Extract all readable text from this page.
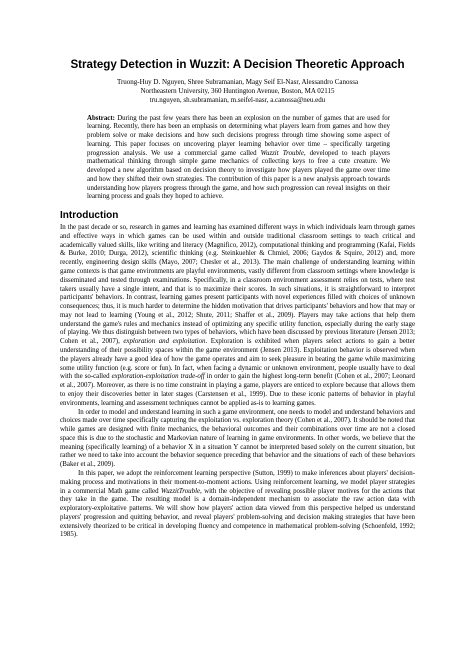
Strategy Detection in Wuzzit: A Decision Theoretic Approach
Truong-Huy D. Nguyen, Shree Subramanian, Magy Seif El-Nasr, Alessandro Canossa
Northeastern University, 360 Huntington Avenue, Boston, MA 02115
tru.nguyen, sh.subramanian, m.seifel-nasr, a.canossa@neu.edu
Abstract: During the past few years there has been an explosion on the number of games that are used for learning. Recently, there has been an emphasis on determining what players learn from games and how they problem solve or make decisions and how such decisions progress through time showing some aspect of learning. This paper focuses on uncovering player learning behavior over time – specifically targeting progression analysis. We use a commercial game called Wuzzit Trouble, developed to teach players mathematical thinking through simple game mechanics of collecting keys to free a cute creature. We developed a new algorithm based on decision theory to investigate how players played the game over time and how they shifted their own strategies. The contribution of this paper is a new analysis approach towards understanding how players progress through the game, and how such progression can reveal insights on their learning process and goals they hoped to achieve.
Introduction

In the past decade or so, research in games and learning has examined different ways in which individuals learn through games and effective ways in which games can be used within and outside traditional classroom settings to teach critical and academically valued skills, like writing and literacy (Magnifico, 2012), computational thinking and programming (Kafai, Fields & Burke, 2010; Durga, 2012), scientific thinking (e.g. Steinkuehler & Chmiel, 2006; Gaydos & Squire, 2012) and, more recently, engineering design skills (Mayo, 2007; Chesler et al., 2013). The main challenge of understanding learning within game contexts is that game environments are playful environments, vastly different from classroom settings where knowledge is disseminated and tested through examinations. Specifically, in a classroom environment assessment relies on tests, where test takers usually have a single intent, and that is to maximize their scores. In such situations, it is straightforward to interpret participants' behaviors. In contrast, learning games present participants with novel experiences filled with choices of unknown consequences; thus, it is much harder to determine the hidden motivation that drives participants' behaviors and how that may or may not lead to learning (Young et al., 2012; Shute, 2011; Shaffer et al., 2009). Players may take actions that help them understand the game's rules and mechanics instead of optimizing any specific utility function, especially during the early stage of playing. We thus distinguish between two types of behaviors, which have been discussed by previous literature (Jensen 2013; Cohen et al., 2007), exploration and exploitation. Exploration is exhibited when players select actions to gain a better understanding of their possibility spaces within the game environment (Jensen 2013). Exploitation behavior is observed when the players already have a good idea of how the game operates and aim to seek pleasure in beating the game while maximizing some utility function (e.g. score or fun). In fact, when facing a dynamic or unknown environment, people usually have to deal with the so-called exploration-exploitation trade-off in order to gain the highest long-term benefit (Cohen et al., 2007; Leonard et al., 2007). Moreover, as there is no time constraint in playing a game, players are enticed to explore because that allows them to enjoy their discoveries better in later stages (Carstensen et al., 1999). Due to these iconic patterns of behavior in playful environments, learning and assessment techniques cannot be applied as-is to learning games.

In order to model and understand learning in such a game environment, one needs to model and understand behaviors and choices made over time specifically capturing the exploitation vs. exploration theory (Cohen et al., 2007). It should be noted that while games are designed with finite mechanics, the behavioral outcomes and their combinations over time are not a closed space this is due to the stochastic and Markovian nature of learning in game environments. In other words, we believe that the meaning (specifically learning) of a behavior X in a situation Y cannot be interpreted based solely on the current situation, but rather we need to take into account the behavior sequence preceding that behavior and the situations of each of these behaviors (Baker et al., 2009).

In this paper, we adopt the reinforcement learning perspective (Sutton, 1999) to make inferences about players' decision-making process and motivations in their moment-to-moment actions. Using reinforcement learning, we model player strategies in a commercial Math game called WuzzitTrouble, with the objective of revealing possible player motives for the actions that they take in the game. The resulting model is a domain-independent mechanism to associate the raw action data with exploratory-exploitative patterns. We will show how players' action data viewed from this perspective helped us understand players' progression and quitting behavior, and reveal players' problem-solving and decision making strategies that have been extensively theorized to be critical in developing fluency and competence in mathematical problem-solving (Schoenfeld, 1992; 1985).
